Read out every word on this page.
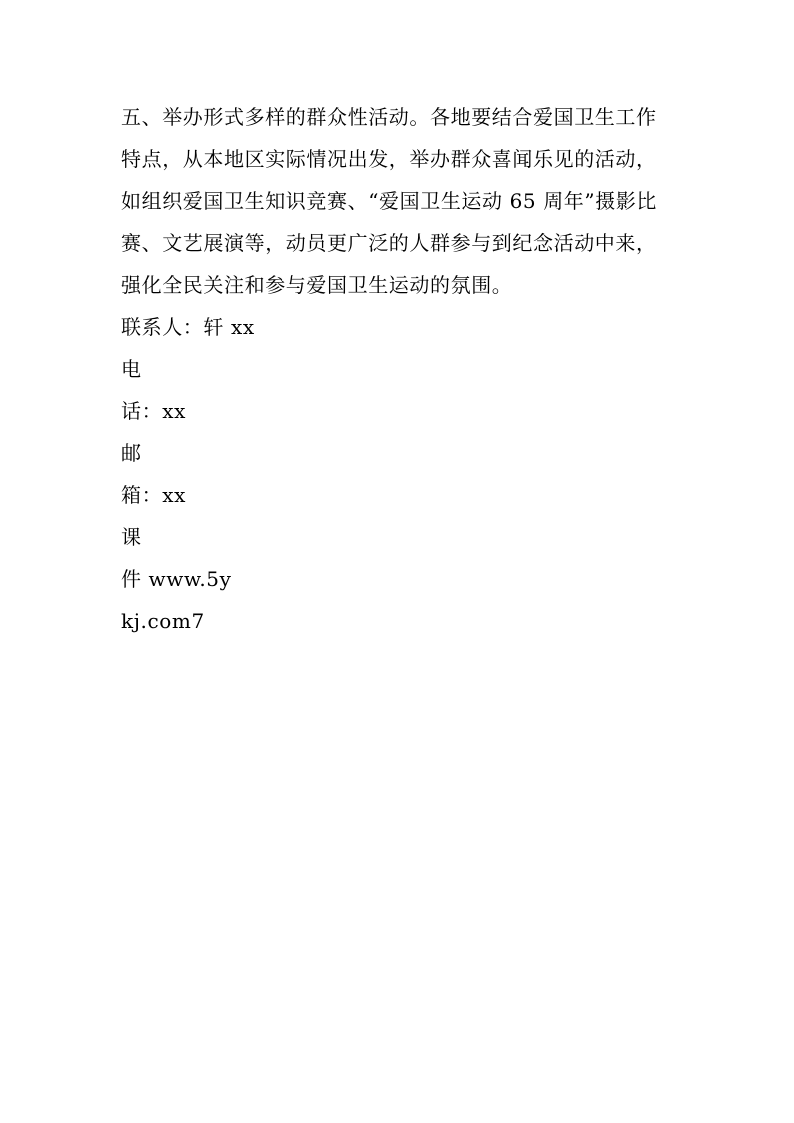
五、举办形式多样的群众性活动。各地要结合爱国卫生工作
特点，从本地区实际情况出发，举办群众喜闻乐见的活动，
如组织爱国卫生知识竞赛、“爱国卫生运动 65 周年”摄影比
赛、文艺展演等，动员更广泛的人群参与到纪念活动中来，
强化全民关注和参与爱国卫生运动的氛围。
联系人：轩 xx
电
话：xx
邮
箱：xx
课
件 www.5y
kj.com7
